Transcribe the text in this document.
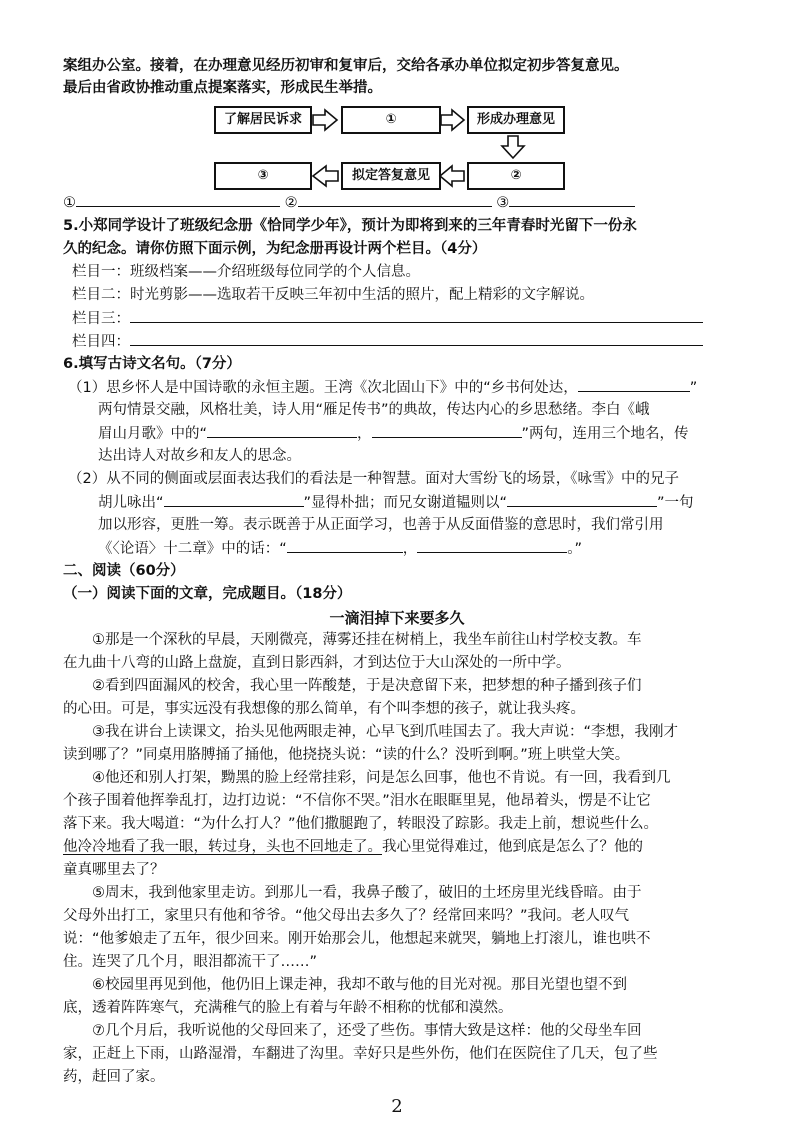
案组办公室。接着，在办理意见经历初审和复审后，交给各承办单位拟定初步答复意见。
最后由省政协推动重点提案落实，形成民生举措。
了解居民诉求	①	形成办理意见
③	拟定答复意见	②
①	②	③
5.小郑同学设计了班级纪念册《恰同学少年》，预计为即将到来的三年青春时光留下一份永
久的纪念。请你仿照下面示例，为纪念册再设计两个栏目。（4分）
栏目一：班级档案——介绍班级每位同学的个人信息。
栏目二：时光剪影——选取若干反映三年初中生活的照片，配上精彩的文字解说。
栏目三：
栏目四：
6.填写古诗文名句。（7分）
（1）思乡怀人是中国诗歌的永恒主题。王湾《次北固山下》中的“乡书何处达，	”
两句情景交融，风格壮美，诗人用“雁足传书”的典故，传达内心的乡思愁绪。李白《峨
眉山月歌》中的“	，	”两句，连用三个地名，传
达出诗人对故乡和友人的思念。
（2）从不同的侧面或层面表达我们的看法是一种智慧。面对大雪纷飞的场景，《咏雪》中的兄子
胡儿咏出“	”显得朴拙；而兄女谢道韫则以“	”一句
加以形容，更胜一筹。表示既善于从正面学习，也善于从反面借鉴的意思时，我们常引用
《〈论语〉十二章》中的话：“	，	。”
二、阅读（60分）
（一）阅读下面的文章，完成题目。（18分）
一滴泪掉下来要多久
①那是一个深秋的早晨，天刚微亮，薄雾还挂在树梢上，我坐车前往山村学校支教。车
在九曲十八弯的山路上盘旋，直到日影西斜，才到达位于大山深处的一所中学。
②看到四面漏风的校舍，我心里一阵酸楚，于是决意留下来，把梦想的种子播到孩子们
的心田。可是，事实远没有我想像的那么简单，有个叫李想的孩子，就让我头疼。
③我在讲台上读课文，抬头见他两眼走神，心早飞到爪哇国去了。我大声说：“李想，我刚才
读到哪了？”同桌用胳膊捅了捅他，他挠挠头说：“读的什么？没听到啊。”班上哄堂大笑。
④他还和别人打架，黝黑的脸上经常挂彩，问是怎么回事，他也不肯说。有一回，我看到几
个孩子围着他挥拳乱打，边打边说：“不信你不哭。”泪水在眼眶里晃，他昂着头，愣是不让它
落下来。我大喝道：“为什么打人？”他们撒腿跑了，转眼没了踪影。我走上前，想说些什么。
他冷冷地看了我一眼，转过身，头也不回地走了。我心里觉得难过，他到底是怎么了？他的
童真哪里去了？
⑤周末，我到他家里走访。到那儿一看，我鼻子酸了，破旧的土坯房里光线昏暗。由于
父母外出打工，家里只有他和爷爷。“他父母出去多久了？经常回来吗？”我问。老人叹气
说：“他爹娘走了五年，很少回来。刚开始那会儿，他想起来就哭，躺地上打滚儿，谁也哄不
住。连哭了几个月，眼泪都流干了……”
⑥校园里再见到他，他仍旧上课走神，我却不敢与他的目光对视。那目光望也望不到
底，透着阵阵寒气，充满稚气的脸上有着与年龄不相称的忧郁和漠然。
⑦几个月后，我听说他的父母回来了，还受了些伤。事情大致是这样：他的父母坐车回
家，正赶上下雨，山路湿滑，车翻进了沟里。幸好只是些外伤，他们在医院住了几天，包了些
药，赶回了家。
2
